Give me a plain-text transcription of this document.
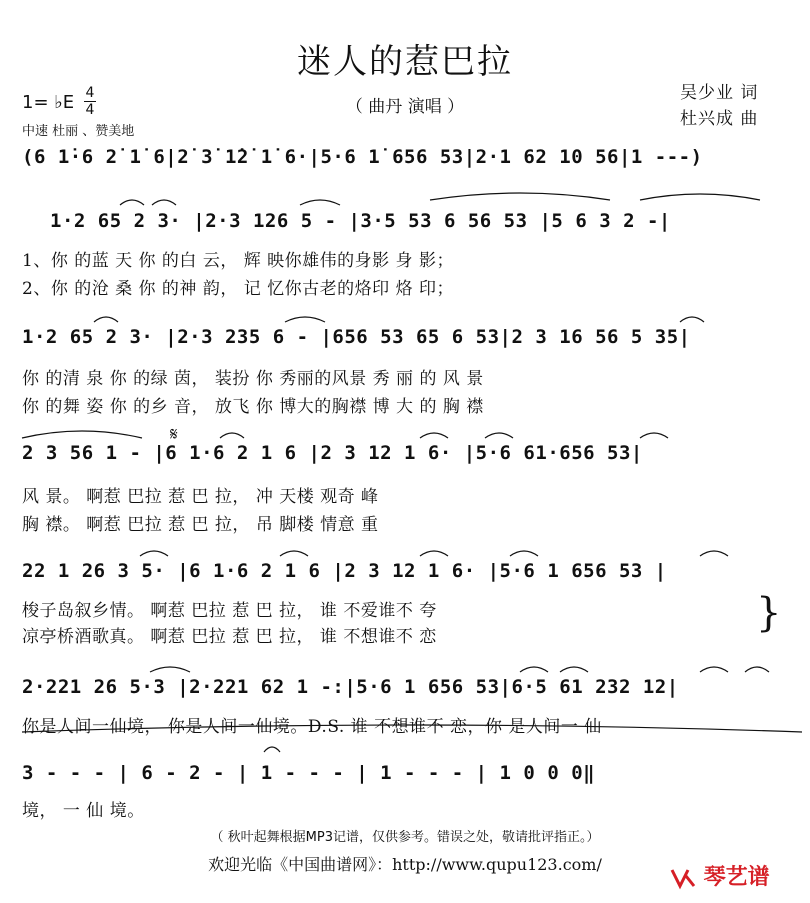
迷人的惹巴拉
（ 曲丹 演唱 ）
吴少业 词
杜兴成 曲
1= ♭E 4
4
中速 杜丽 、赞美地
(6 1̇·6 2̇ 1̇ 6|2̇ 3̇ 1̇2̇ 1̇ 6·|5·6 1̇ 656 53|2·1 62 10 56|1 ---)
1·2 65 2 3· |2·3 126 5 - |3·5 53 6 56 53 |5 6 3 2 -|
1·2 65 2 3· |2·3 235 6 - |656 53 65 6 53|2 3 16 56 5 35|
2 3 56 1 - |6 1·6 2 1 6 |2 3 12 1 6· |5·6 61·656 53|
22 1 26 3 5· |6 1·6 2 1 6 |2 3 12 1 6· |5·6 1 656 53 |
2·221 26 5·3 |2·221 62 1 -:|5·6 1 656 53|6·5 61 232 12|
3 - - - | 6 - 2 - | 1 - - - | 1 - - - | 1 0 0 0‖
𝄋
1、你 的蓝 天 你 的白 云， 辉 映你雄伟的身影 身 影；
2、你 的沧 桑 你 的神 韵， 记 忆你古老的烙印 烙 印；
你 的清 泉 你 的绿 茵， 装扮 你 秀丽的风景 秀 丽 的 风 景
你 的舞 姿 你 的乡 音， 放飞 你 博大的胸襟 博 大 的 胸 襟
风 景。 啊惹 巴拉 惹 巴 拉， 冲 天楼 观奇 峰
胸 襟。 啊惹 巴拉 惹 巴 拉， 吊 脚楼 情意 重
梭子岛叙乡情。 啊惹 巴拉 惹 巴 拉， 谁 不爱谁不 夸
凉亭桥酒歌真。 啊惹 巴拉 惹 巴 拉， 谁 不想谁不 恋
}
你是人间一仙境， 你是人间一仙境。D.S. 谁 不想谁不 恋，你 是人间一 仙
境， 一 仙 境。
（ 秋叶起舞根据MP3记谱，仅供参考。错误之处，敬请批评指正。）
欢迎光临《中国曲谱网》：http://www.qupu123.com/
琴艺谱
